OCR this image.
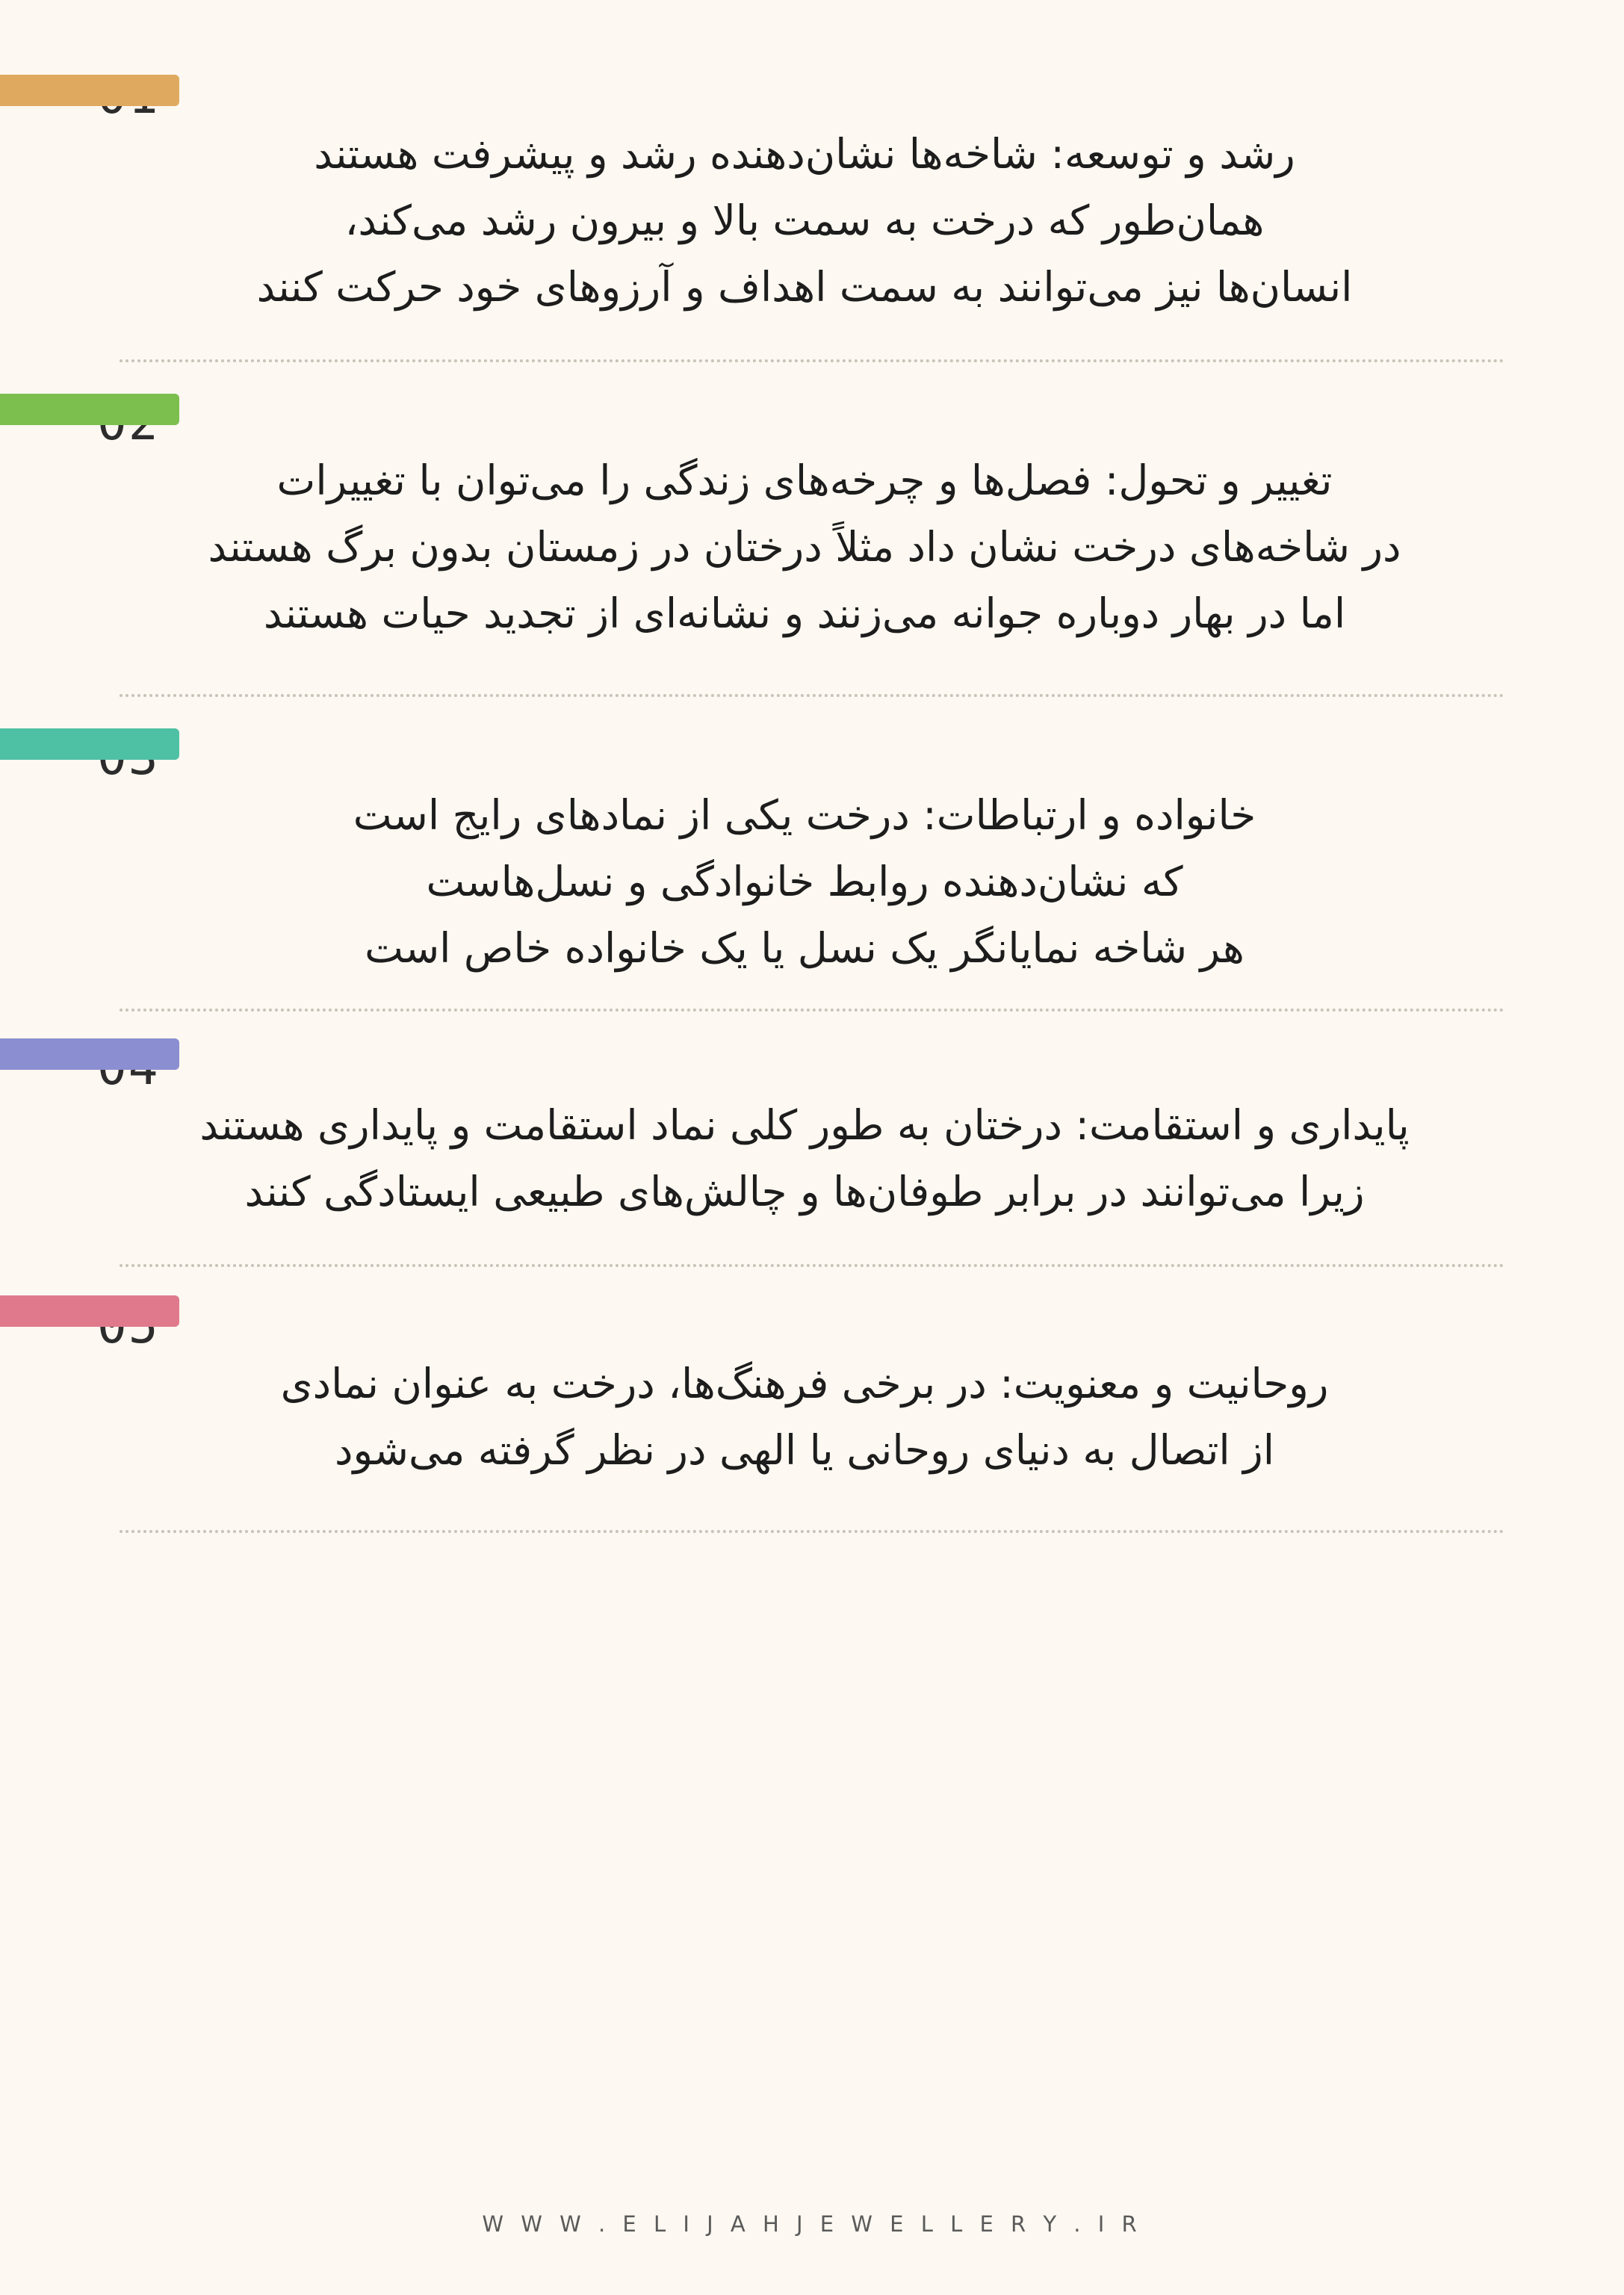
رشد و توسعه: شاخه‌ها نشان‌دهنده رشد و پیشرفت هستند

همان‌طور که درخت به سمت بالا و بیرون رشد می‌کند،

انسان‌ها نیز می‌توانند به سمت اهداف و آرزوهای خود حرکت کنند

تغییر و تحول: فصل‌ها و چرخه‌های زندگی را می‌توان با تغییرات

در شاخه‌های درخت نشان داد مثلاً درختان در زمستان بدون برگ هستند

اما در بهار دوباره جوانه می‌زنند و نشانه‌ای از تجدید حیات هستند

خانواده و ارتباطات: درخت یکی از نمادهای رایج است

که نشان‌دهنده روابط خانوادگی و نسل‌هاست

هر شاخه نمایانگر یک نسل یا یک خانواده خاص است

پایداری و استقامت: درختان به طور کلی نماد استقامت و پایداری هستند

زیرا می‌توانند در برابر طوفان‌ها و چالش‌های طبیعی ایستادگی کنند

روحانیت و معنویت: در برخی فرهنگ‌ها، درخت به عنوان نمادی

از اتصال به دنیای روحانی یا الهی در نظر گرفته می‌شود

W W W . E L I J A H J E W E L L E R Y . I R
